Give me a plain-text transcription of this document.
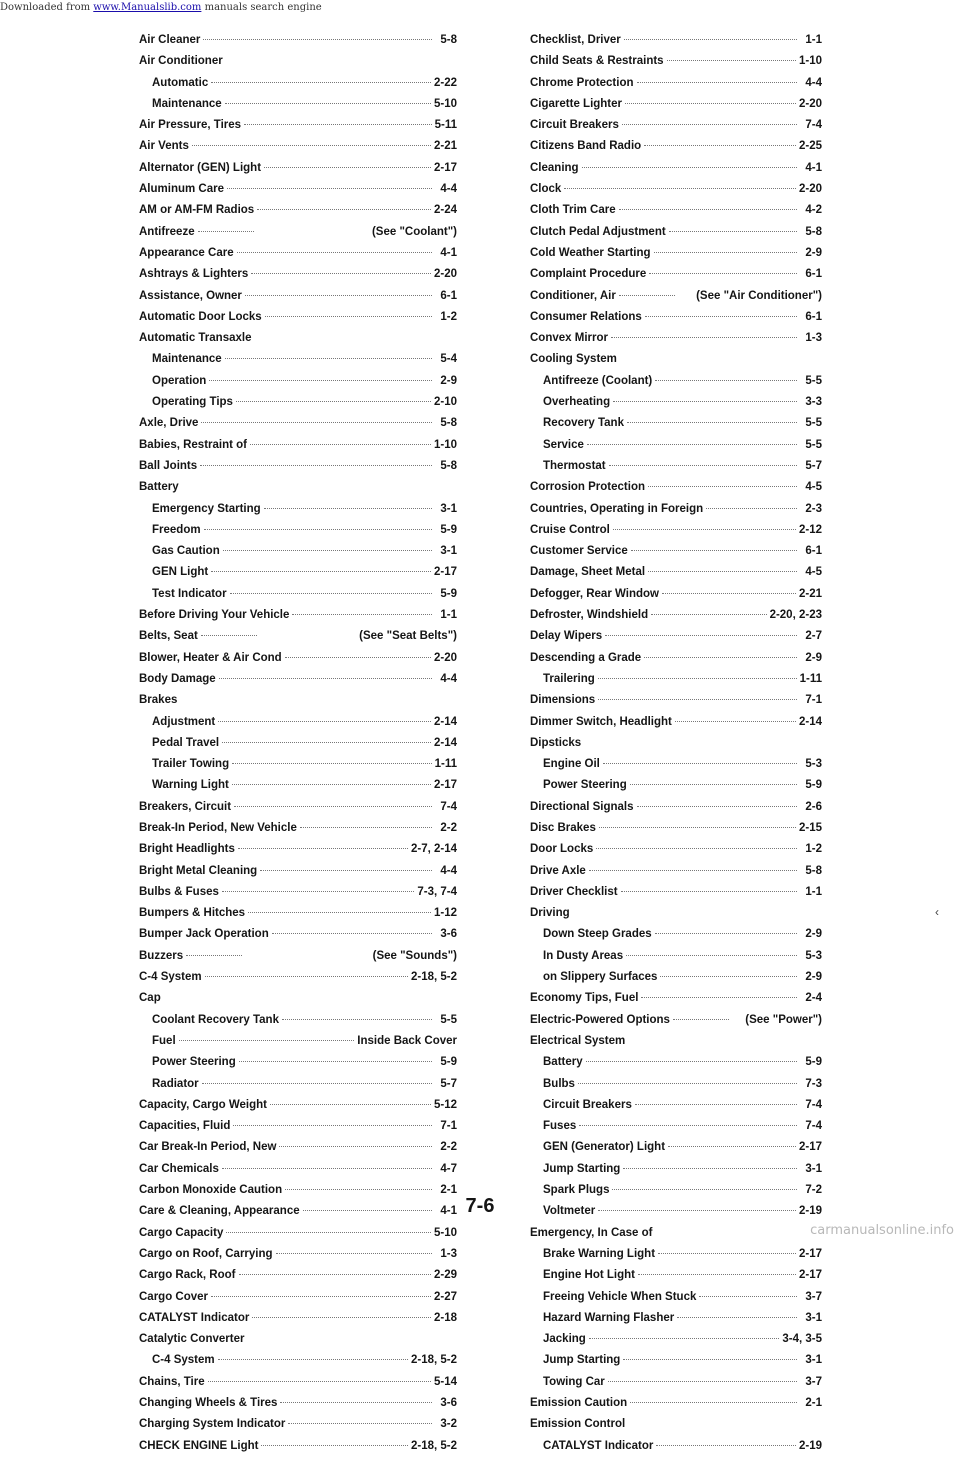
Downloaded from www.Manualslib.com manuals search engine
Air Cleaner	5-8
Air Conditioner
Automatic	2-22
Maintenance	5-10
Air Pressure, Tires	5-11
Air Vents	2-21
Alternator (GEN) Light	2-17
Aluminum Care	4-4
AM or AM-FM Radios	2-24
Antifreeze	(See "Coolant")
Appearance Care	4-1
Ashtrays & Lighters	2-20
Assistance, Owner	6-1
Automatic Door Locks	1-2
Automatic Transaxle
Maintenance	5-4
Operation	2-9
Operating Tips	2-10
Axle, Drive	5-8
Babies, Restraint of	1-10
Ball Joints	5-8
Battery
Emergency Starting	3-1
Freedom	5-9
Gas Caution	3-1
GEN Light	2-17
Test Indicator	5-9
Before Driving Your Vehicle	1-1
Belts, Seat	(See "Seat Belts")
Blower, Heater & Air Cond	2-20
Body Damage	4-4
Brakes
Adjustment	2-14
Pedal Travel	2-14
Trailer Towing	1-11
Warning Light	2-17
Breakers, Circuit	7-4
Break-In Period, New Vehicle	2-2
Bright Headlights	2-7, 2-14
Bright Metal Cleaning	4-4
Bulbs & Fuses	7-3, 7-4
Bumpers & Hitches	1-12
Bumper Jack Operation	3-6
Buzzers	(See "Sounds")
C-4 System	2-18, 5-2
Cap
Coolant Recovery Tank	5-5
Fuel	Inside Back Cover
Power Steering	5-9
Radiator	5-7
Capacity, Cargo Weight	5-12
Capacities, Fluid	7-1
Car Break-In Period, New	2-2
Car Chemicals	4-7
Carbon Monoxide Caution	2-1
Care & Cleaning, Appearance	4-1
Cargo Capacity	5-10
Cargo on Roof, Carrying	1-3
Cargo Rack, Roof	2-29
Cargo Cover	2-27
CATALYST Indicator	2-18
Catalytic Converter
C-4 System	2-18, 5-2
Chains, Tire	5-14
Changing Wheels & Tires	3-6
Charging System Indicator	3-2
CHECK ENGINE Light	2-18, 5-2
Checklist, Driver	1-1
Child Seats & Restraints	1-10
Chrome Protection	4-4
Cigarette Lighter	2-20
Circuit Breakers	7-4
Citizens Band Radio	2-25
Cleaning	4-1
Clock	2-20
Cloth Trim Care	4-2
Clutch Pedal Adjustment	5-8
Cold Weather Starting	2-9
Complaint Procedure	6-1
Conditioner, Air	(See "Air Conditioner")
Consumer Relations	6-1
Convex Mirror	1-3
Cooling System
Antifreeze (Coolant)	5-5
Overheating	3-3
Recovery Tank	5-5
Service	5-5
Thermostat	5-7
Corrosion Protection	4-5
Countries, Operating in Foreign	2-3
Cruise Control	2-12
Customer Service	6-1
Damage, Sheet Metal	4-5
Defogger, Rear Window	2-21
Defroster, Windshield	2-20, 2-23
Delay Wipers	2-7
Descending a Grade	2-9
Trailering	1-11
Dimensions	7-1
Dimmer Switch, Headlight	2-14
Dipsticks
Engine Oil	5-3
Power Steering	5-9
Directional Signals	2-6
Disc Brakes	2-15
Door Locks	1-2
Drive Axle	5-8
Driver Checklist	1-1
Driving
Down Steep Grades	2-9
In Dusty Areas	5-3
on Slippery Surfaces	2-9
Economy Tips, Fuel	2-4
Electric-Powered Options	(See "Power")
Electrical System
Battery	5-9
Bulbs	7-3
Circuit Breakers	7-4
Fuses	7-4
GEN (Generator) Light	2-17
Jump Starting	3-1
Spark Plugs	7-2
Voltmeter	2-19
Emergency, In Case of
Brake Warning Light	2-17
Engine Hot Light	2-17
Freeing Vehicle When Stuck	3-7
Hazard Warning Flasher	3-1
Jacking	3-4, 3-5
Jump Starting	3-1
Towing Car	3-7
Emission Caution	2-1
Emission Control
CATALYST Indicator	2-19
‹
7-6
carmanualsonline.info
